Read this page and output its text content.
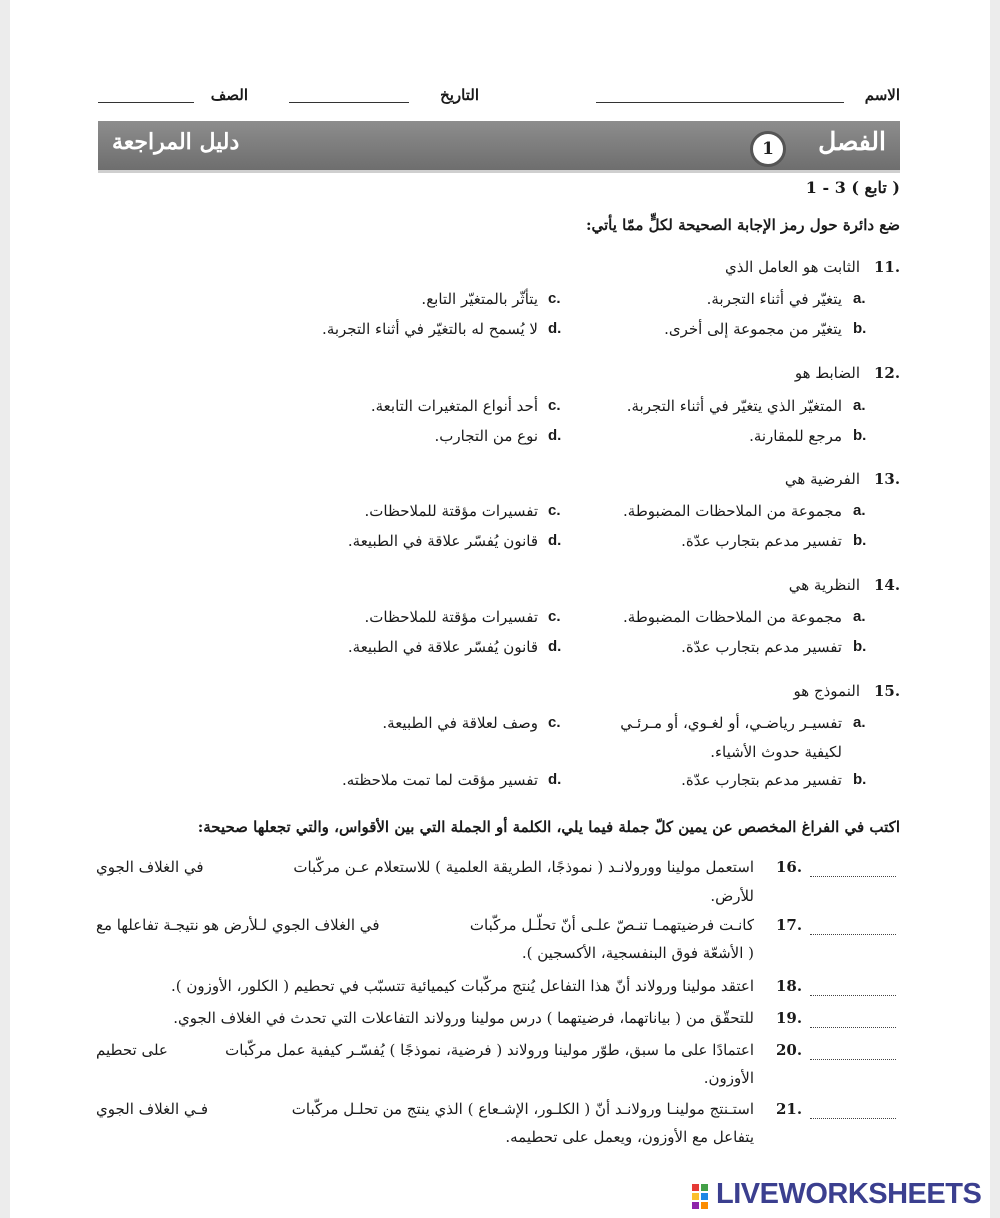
الاسم
التاريخ
الصف
الفصل
1
دليل المراجعة
( تابع ) 3 - 1
ضع دائرة حول رمز الإجابة الصحيحة لكلٍّ ممّا يأتي:
11.
الثابت هو العامل الذي
a.
يتغيّر في أثناء التجربة.
b.
يتغيّر من مجموعة إلى أخرى.
c.
يتأثّر بالمتغيّر التابع.
d.
لا يُسمح له بالتغيّر في أثناء التجربة.
12.
الضابط هو
a.
المتغيّر الذي يتغيّر في أثناء التجربة.
b.
مرجع للمقارنة.
c.
أحد أنواع المتغيرات التابعة.
d.
نوع من التجارب.
13.
الفرضية هي
a.
مجموعة من الملاحظات المضبوطة.
b.
تفسير مدعم بتجارب عدّة.
c.
تفسيرات مؤقتة للملاحظات.
d.
قانون يُفسّر علاقة في الطبيعة.
14.
النظرية هي
a.
مجموعة من الملاحظات المضبوطة.
b.
تفسير مدعم بتجارب عدّة.
c.
تفسيرات مؤقتة للملاحظات.
d.
قانون يُفسّر علاقة في الطبيعة.
15.
النموذج هو
a.
تفسيـر رياضـي، أو لغـوي، أو مـرئـي
لكيفية حدوث الأشياء.
b.
تفسير مدعم بتجارب عدّة.
c.
وصف لعلاقة في الطبيعة.
d.
تفسير مؤقت لما تمت ملاحظته.
اكتب في الفراغ المخصص عن يمين كلّ جملة فيما يلي، الكلمة أو الجملة التي بين الأقواس، والتي تجعلها صحيحة:
16.
استعمل مولينا وورولانـد ( نموذجًا، الطريقة العلمية ) للاستعلام عـن مركّبات
في الغلاف الجوي
للأرض.
17.
كانـت فرضيتهمـا تنـصّ علـى أنّ تحلّـل مركّبات
في الغلاف الجوي لـلأرض هو نتيجـة تفاعلها مع
( الأشعّة فوق البنفسجية، الأكسجين ).
18.
اعتقد مولينا ورولاند أنّ هذا التفاعل يُنتج مركّبات كيميائية تتسبّب في تحطيم ( الكلور، الأوزون ).
19.
للتحقّق من ( بياناتهما، فرضيتهما ) درس مولينا ورولاند التفاعلات التي تحدث في الغلاف الجوي.
20.
اعتمادًا على ما سبق، طوّر مولينا ورولاند ( فرضية، نموذجًا ) يُفسّـر كيفية عمل مركّبات
على تحطيم
الأوزون.
21.
استـنتج مولينـا ورولانـد أنّ ( الكلـور، الإشـعاع ) الذي ينتج من تحلـل مركّبات
فـي الغلاف الجوي
يتفاعل مع الأوزون، ويعمل على تحطيمه.
LIVEWORKSHEETS
